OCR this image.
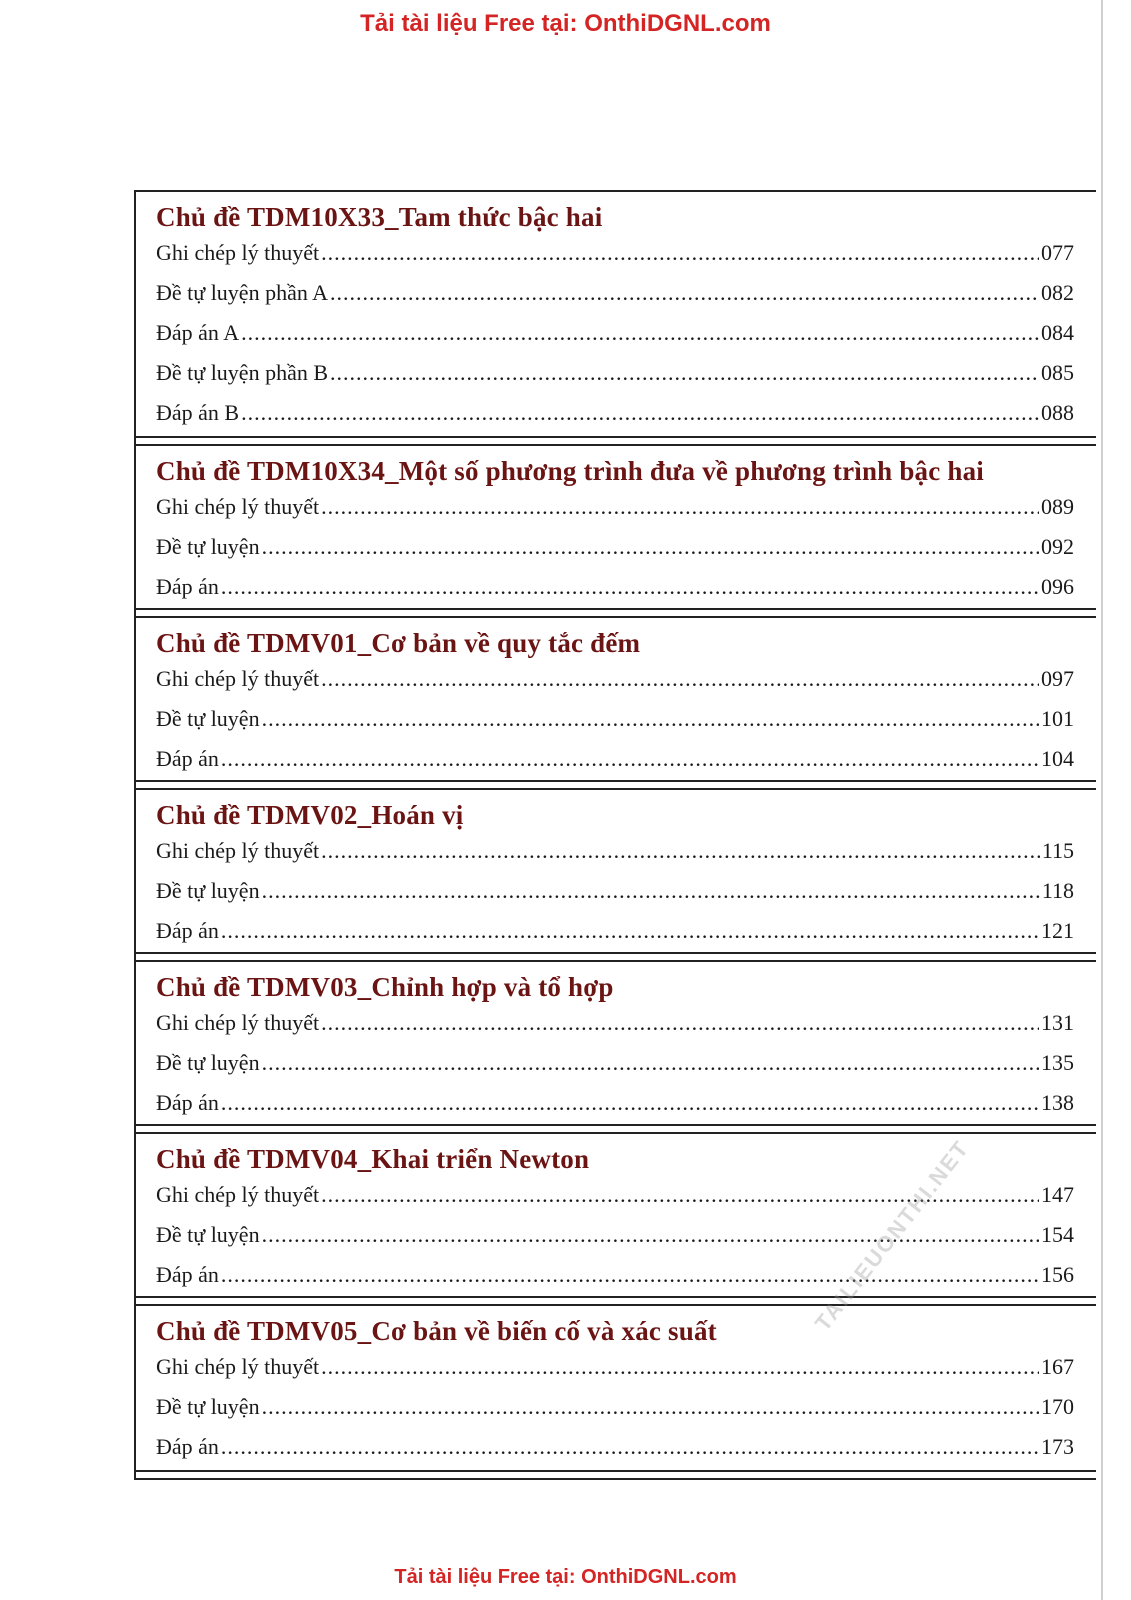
Tải tài liệu Free tại: OnthiDGNL.com
Chủ đề TDM10X33_Tam thức bậc hai
Ghi chép lý thuyết .....	077
Đề tự luyện phần A .....	082
Đáp án A .....	084
Đề tự luyện phần B .....	085
Đáp án B .....	088
Chủ đề TDM10X34_Một số phương trình đưa về phương trình bậc hai
Ghi chép lý thuyết .....	089
Đề tự luyện .....	092
Đáp án .....	096
Chủ đề TDMV01_Cơ bản về quy tắc đếm
Ghi chép lý thuyết .....	097
Đề tự luyện .....	101
Đáp án .....	104
Chủ đề TDMV02_Hoán vị
Ghi chép lý thuyết .....	115
Đề tự luyện .....	118
Đáp án .....	121
Chủ đề TDMV03_Chỉnh hợp và tổ hợp
Ghi chép lý thuyết .....	131
Đề tự luyện .....	135
Đáp án .....	138
Chủ đề TDMV04_Khai triển Newton
Ghi chép lý thuyết .....	147
Đề tự luyện .....	154
Đáp án .....	156
Chủ đề TDMV05_Cơ bản về biến cố và xác suất
Ghi chép lý thuyết .....	167
Đề tự luyện .....	170
Đáp án .....	173
TAILIEUONTHI.NET
Tải tài liệu Free tại: OnthiDGNL.com
